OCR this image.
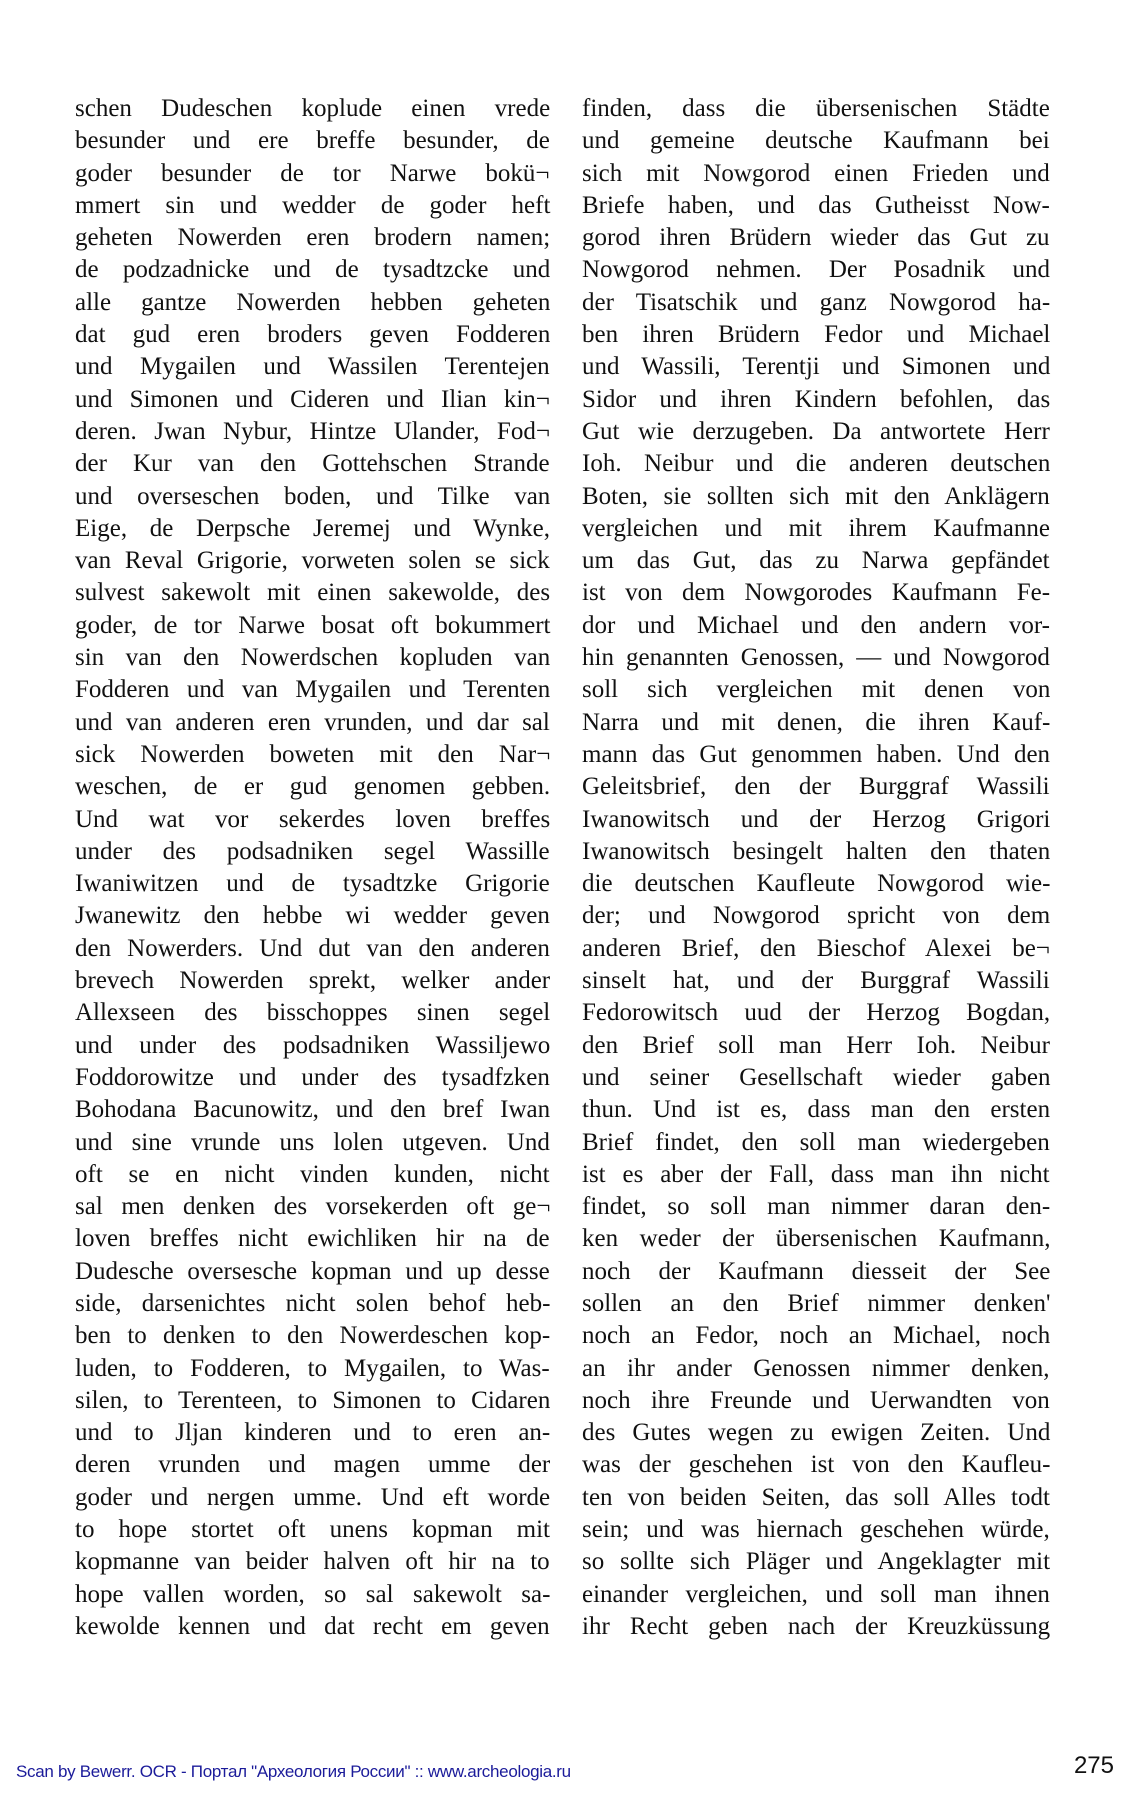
schen Dudeschen koplude einen vrede
besunder und ere breffe besunder, de
goder besunder de tor Narwe bokü¬
mmert sin und wedder de goder heft
geheten Nowerden eren brodern namen;
de podzadnicke und de tysadtzcke und
alle gantze Nowerden hebben geheten
dat gud eren broders geven Fodderen
und Mygailen und Wassilen Terentejen
und Simonen und Cideren und Ilian kin¬
deren. Jwan Nybur, Hintze Ulander, Fod¬
der Kur van den Gottehschen Strande
und overseschen boden, und Tilke van
Eige, de Derpsche Jeremej und Wynke,
van Reval Grigorie, vorweten solen se sick
sulvest sakewolt mit einen sakewolde, des
goder, de tor Narwe bosat oft bokummert
sin van den Nowerdschen kopluden van
Fodderen und van Mygailen und Terenten
und van anderen eren vrunden, und dar sal
sick Nowerden boweten mit den Nar¬
weschen, de er gud genomen gebben.
Und wat vor sekerdes loven breffes
under des podsadniken segel Wassille
Iwaniwitzen und de tysadtzke Grigorie
Jwanewitz den hebbe wi wedder geven
den Nowerders. Und dut van den anderen
brevech Nowerden sprekt, welker ander
Allexseen des bisschoppes sinen segel
und under des podsadniken Wassiljewo
Foddorowitze und under des tysadfzken
Bohodana Bacunowitz, und den bref Iwan
und sine vrunde uns lolen utgeven. Und
oft se en nicht vinden kunden, nicht
sal men denken des vorsekerden oft ge¬
loven breffes nicht ewichliken hir na de
Dudesche oversesche kopman und up desse
side, darsenichtes nicht solen behof heb-
ben to denken to den Nowerdeschen kop-
luden, to Fodderen, to Mygailen, to Was-
silen, to Terenteen, to Simonen to Cidaren
und to Jljan kinderen und to eren an-
deren vrunden und magen umme der
goder und nergen umme. Und eft worde
to hope stortet oft unens kopman mit
kopmanne van beider halven oft hir na to
hope vallen worden, so sal sakewolt sa-
kewolde kennen und dat recht em geven
finden, dass die übersenischen Städte
und gemeine deutsche Kaufmann bei
sich mit Nowgorod einen Frieden und
Briefe haben, und das Gutheisst Now-
gorod ihren Brüdern wieder das Gut zu
Nowgorod nehmen. Der Posadnik und
der Tisatschik und ganz Nowgorod ha-
ben ihren Brüdern Fedor und Michael
und Wassili, Terentji und Simonen und
Sidor und ihren Kindern befohlen, das
Gut wie derzugeben. Da antwortete Herr
Ioh. Neibur und die anderen deutschen
Boten, sie sollten sich mit den Anklägern
vergleichen und mit ihrem Kaufmanne
um das Gut, das zu Narwa gepfändet
ist von dem Nowgorodes Kaufmann Fe-
dor und Michael und den andern vor-
hin genannten Genossen, — und Nowgorod
soll sich vergleichen mit denen von
Narra und mit denen, die ihren Kauf-
mann das Gut genommen haben. Und den
Geleitsbrief, den der Burggraf Wassili
Iwanowitsch und der Herzog Grigori
Iwanowitsch besingelt halten den thaten
die deutschen Kaufleute Nowgorod wie-
der; und Nowgorod spricht von dem
anderen Brief, den Bieschof Alexei be¬
sinselt hat, und der Burggraf Wassili
Fedorowitsch uud der Herzog Bogdan,
den Brief soll man Herr Ioh. Neibur
und seiner Gesellschaft wieder gaben
thun. Und ist es, dass man den ersten
Brief findet, den soll man wiedergeben
ist es aber der Fall, dass man ihn nicht
findet, so soll man nimmer daran den-
ken weder der übersenischen Kaufmann,
noch der Kaufmann diesseit der See
sollen an den Brief nimmer denken'
noch an Fedor, noch an Michael, noch
an ihr ander Genossen nimmer denken,
noch ihre Freunde und Uerwandten von
des Gutes wegen zu ewigen Zeiten. Und
was der geschehen ist von den Kaufleu-
ten von beiden Seiten, das soll Alles todt
sein; und was hiernach geschehen würde,
so sollte sich Pläger und Angeklagter mit
einander vergleichen, und soll man ihnen
ihr Recht geben nach der Kreuzküssung
Scan by Bewerr. OCR - Портал "Археология России" :: www.archeologia.ru	275
